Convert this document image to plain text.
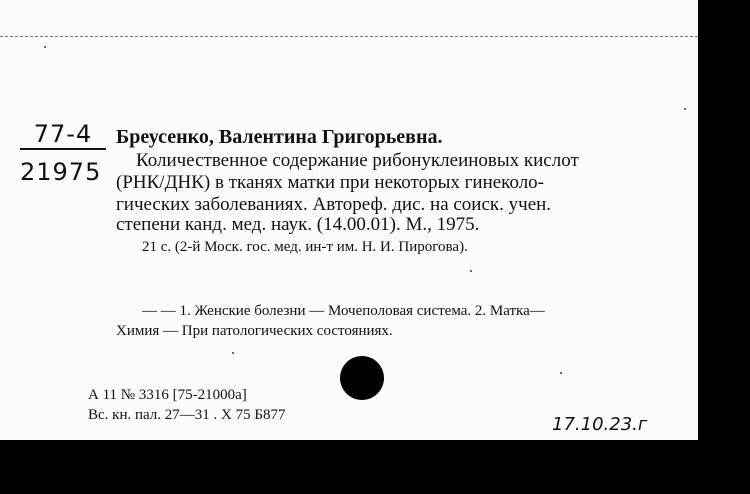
77-4
21975
Бреусенко, Валентина Григорьевна.
Количественное содержание рибонуклеиновых кислот
(РНК/ДНК) в тканях матки при некоторых гинеколо-
гических заболеваниях. Автореф. дис. на соиск. учен.
степени канд. мед. наук. (14.00.01). М., 1975.
21 с. (2-й Моск. гос. мед. ин-т им. Н. И. Пирогова).
— — 1. Женские болезни — Мочеполовая система. 2. Матка—
Химия — При патологических состояниях.
А 11 № 3316 [75-21000а]
Вс. кн. пал. 27—31 . Х 75 Б877	17.10.23.г
